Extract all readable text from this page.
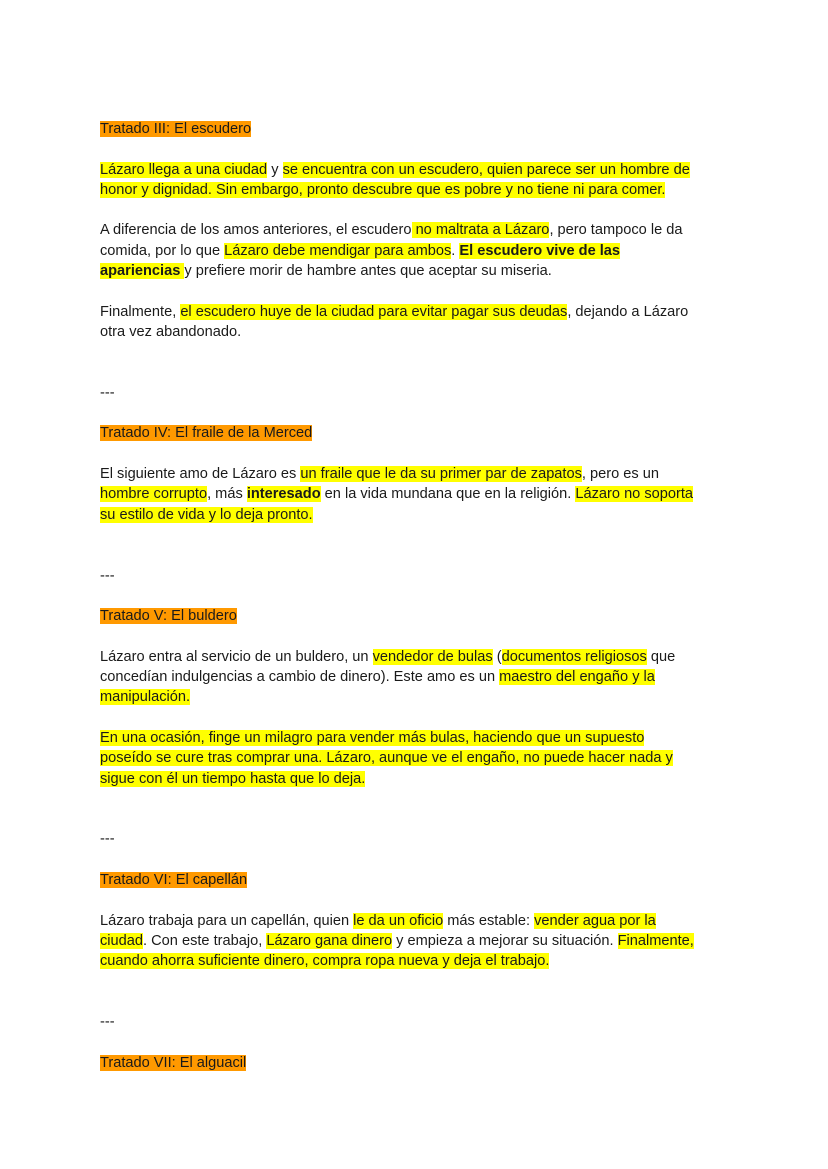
Tratado III: El escudero

Lázaro llega a una ciudad y se encuentra con un escudero, quien parece ser un hombre de
honor y dignidad. Sin embargo, pronto descubre que es pobre y no tiene ni para comer.

A diferencia de los amos anteriores, el escudero no maltrata a Lázaro, pero tampoco le da
comida, por lo que Lázaro debe mendigar para ambos. El escudero vive de las
apariencias y prefiere morir de hambre antes que aceptar su miseria.

Finalmente, el escudero huye de la ciudad para evitar pagar sus deudas, dejando a Lázaro
otra vez abandonado.

---

Tratado IV: El fraile de la Merced

El siguiente amo de Lázaro es un fraile que le da su primer par de zapatos, pero es un
hombre corrupto, más interesado en la vida mundana que en la religión. Lázaro no soporta
su estilo de vida y lo deja pronto.

---

Tratado V: El buldero

Lázaro entra al servicio de un buldero, un vendedor de bulas (documentos religiosos que
concedían indulgencias a cambio de dinero). Este amo es un maestro del engaño y la
manipulación.

En una ocasión, finge un milagro para vender más bulas, haciendo que un supuesto
poseído se cure tras comprar una. Lázaro, aunque ve el engaño, no puede hacer nada y
sigue con él un tiempo hasta que lo deja.

---

Tratado VI: El capellán

Lázaro trabaja para un capellán, quien le da un oficio más estable: vender agua por la
ciudad. Con este trabajo, Lázaro gana dinero y empieza a mejorar su situación. Finalmente,
cuando ahorra suficiente dinero, compra ropa nueva y deja el trabajo.

---

Tratado VII: El alguacil
